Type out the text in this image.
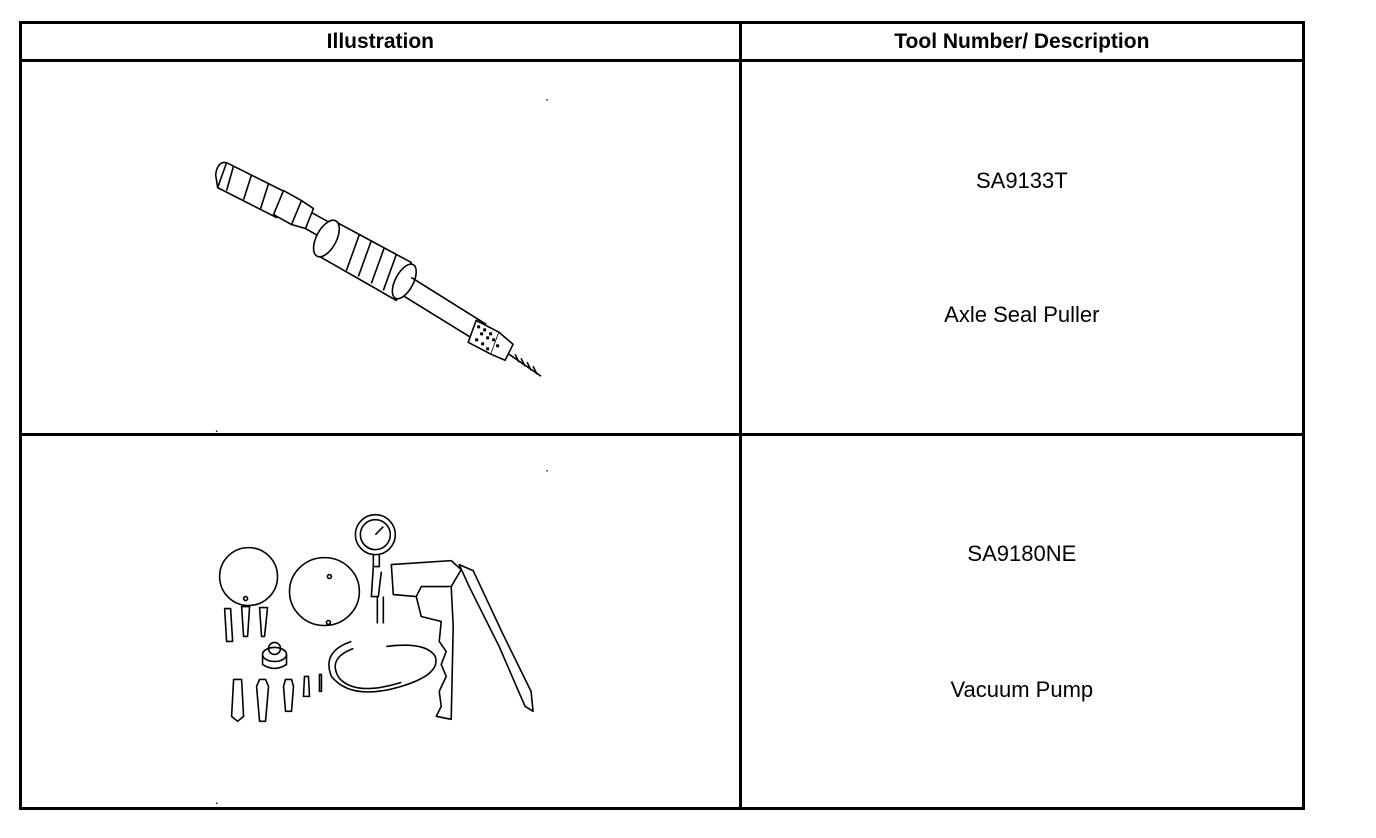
Illustration	Tool Number/ Description

SA9133T
Axle Seal Puller

SA9180NE
Vacuum Pump
